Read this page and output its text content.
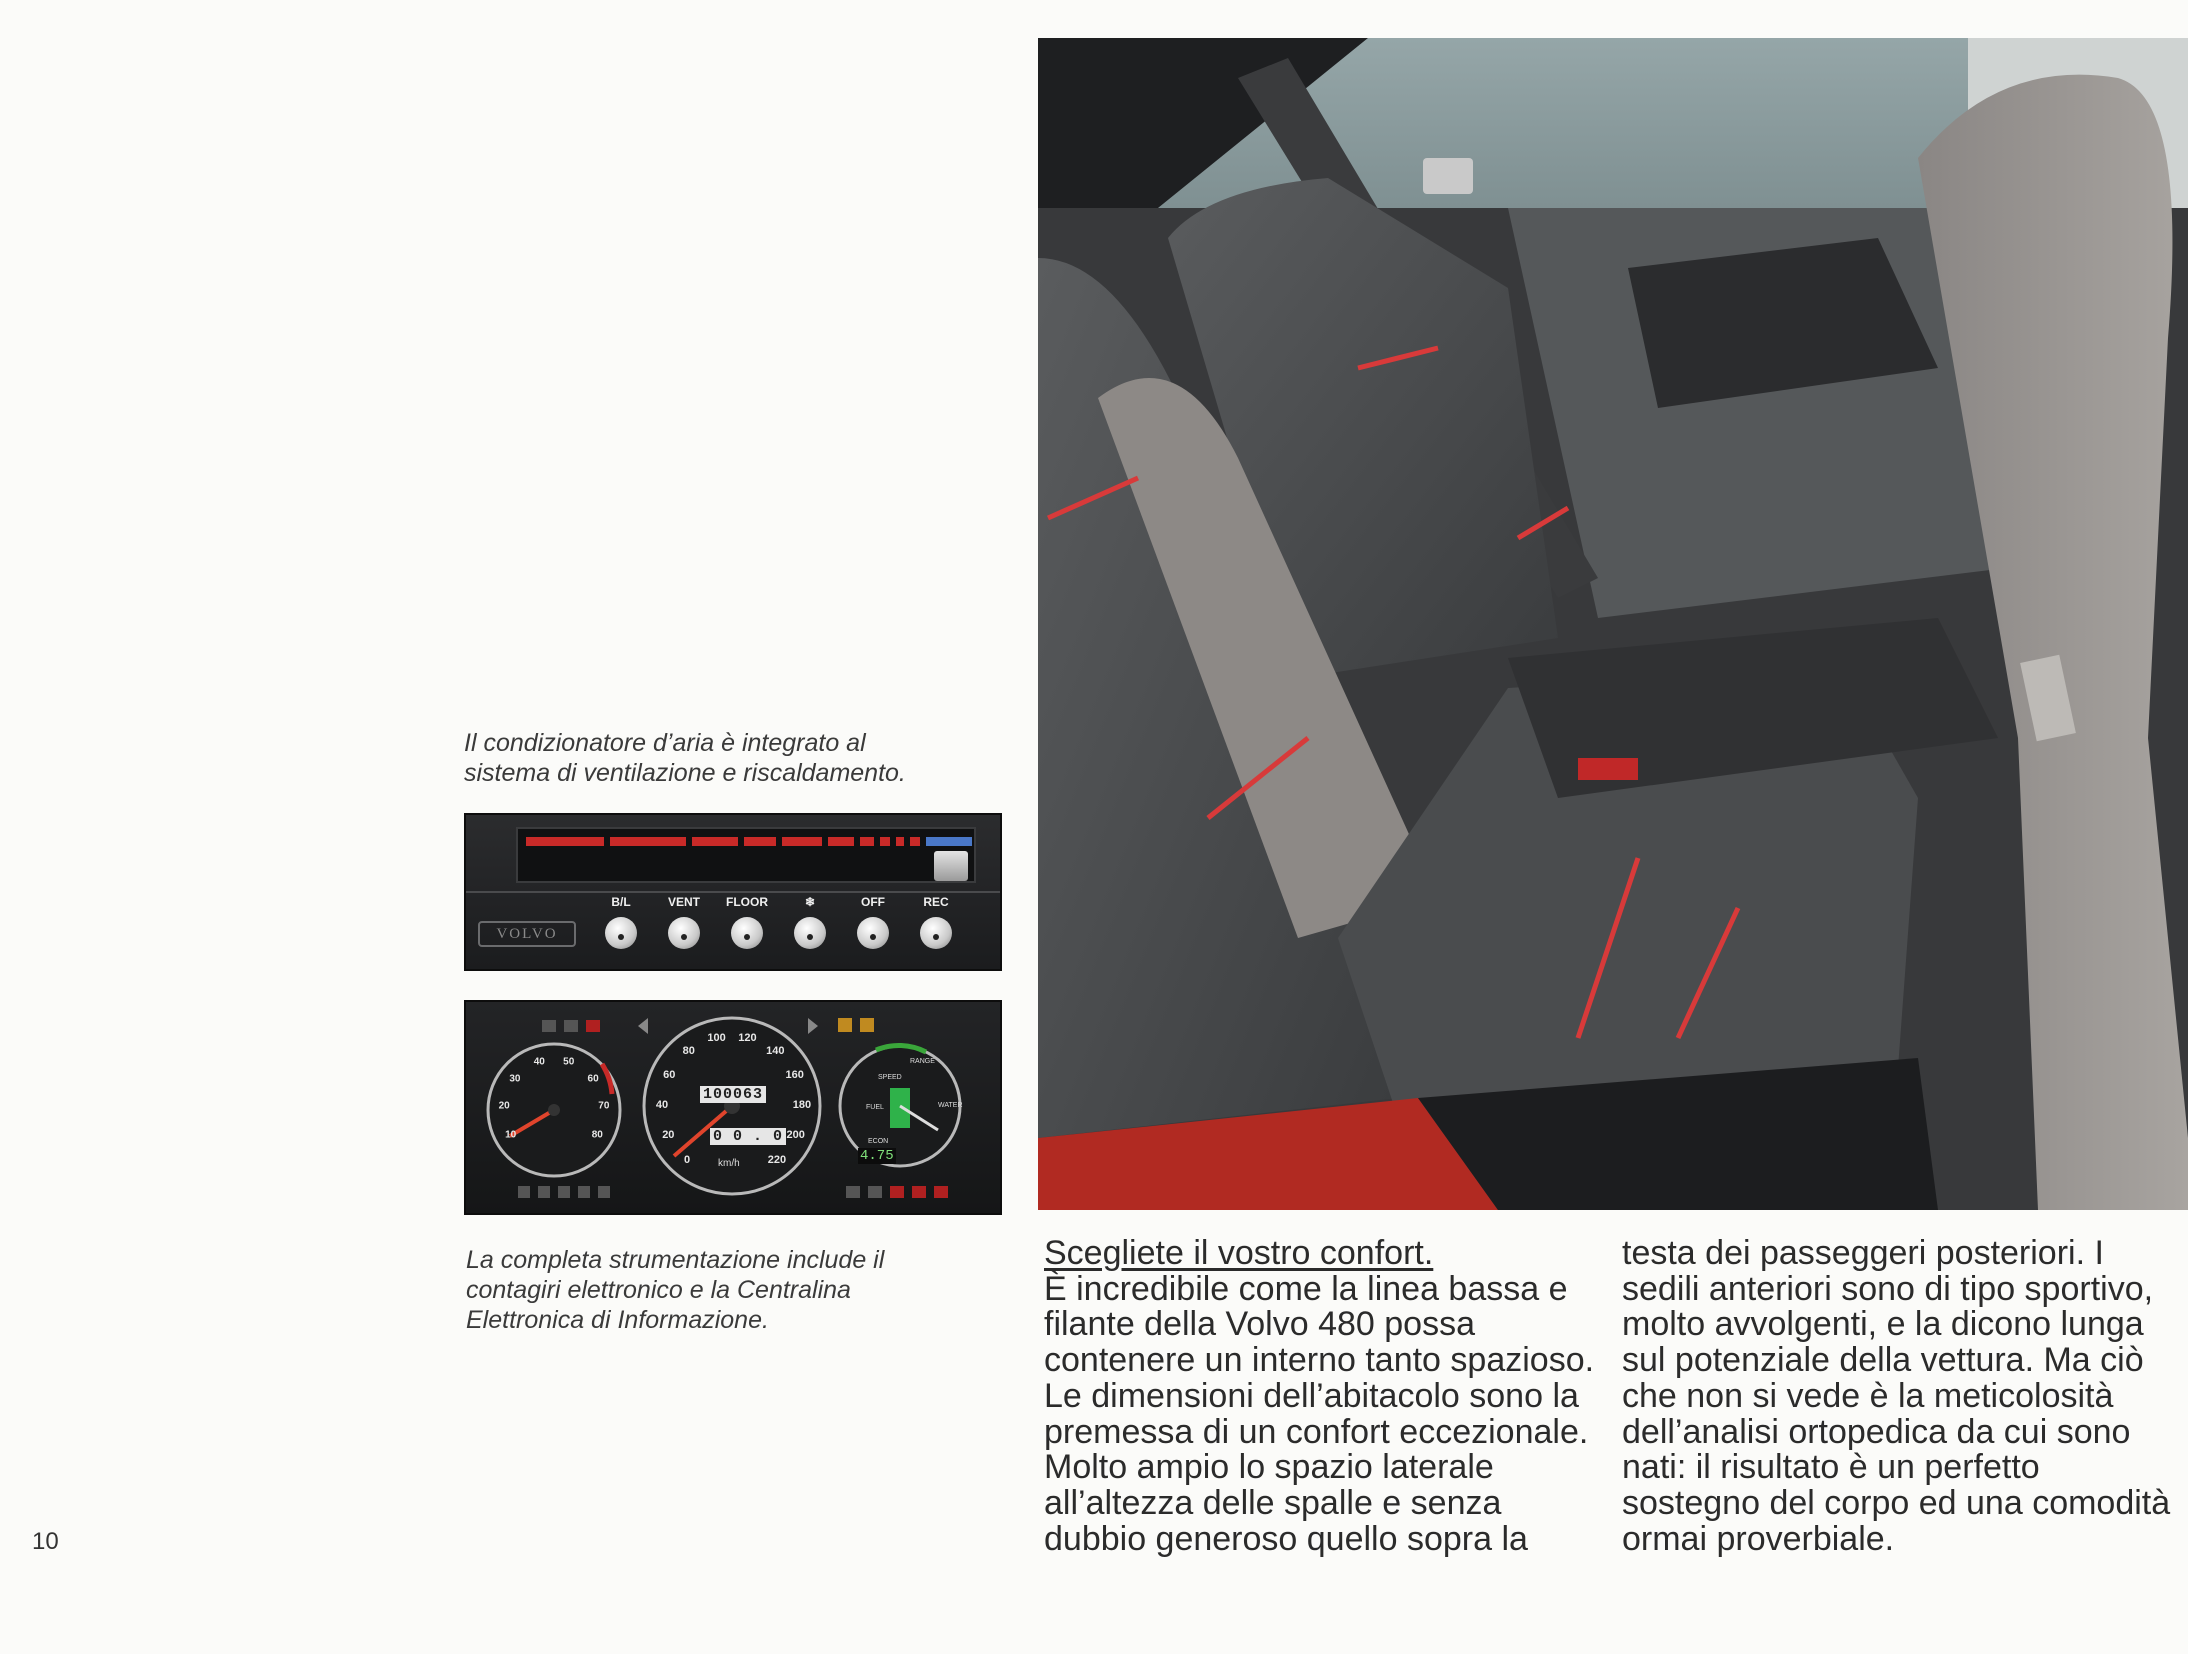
Il condizionatore d’aria è integrato al
sistema di ventilazione e riscaldamento.
VOLVO
B/L	VENT	FLOOR	❄	OFF	REC
10
20
30
40 50
60
70
80
0
20
40
60
80
100 120
140
160
180
200
220
100063
0 0 . 0
km/h	4.75
SPEED
RANGE
FUEL	WATER
ECON
La completa strumentazione include il
contagiri elettronico e la Centralina
Elettronica di Informazione.
Scegliete il vostro confort.
È incredibile come la linea bassa e filante della Volvo 480 possa contenere un interno tanto spazioso. Le dimensioni dell’abitacolo sono la premessa di un confort eccezionale. Molto ampio lo spazio laterale all’altezza delle spalle e senza dubbio generoso quello sopra la
testa dei passeggeri posteriori. I sedili anteriori sono di tipo sportivo, molto avvolgenti, e la dicono lunga sul potenziale della vettura. Ma ciò che non si vede è la meticolosità dell’analisi ortopedica da cui sono nati: il risultato è un perfetto sostegno del corpo ed una comodità ormai proverbiale.
10
